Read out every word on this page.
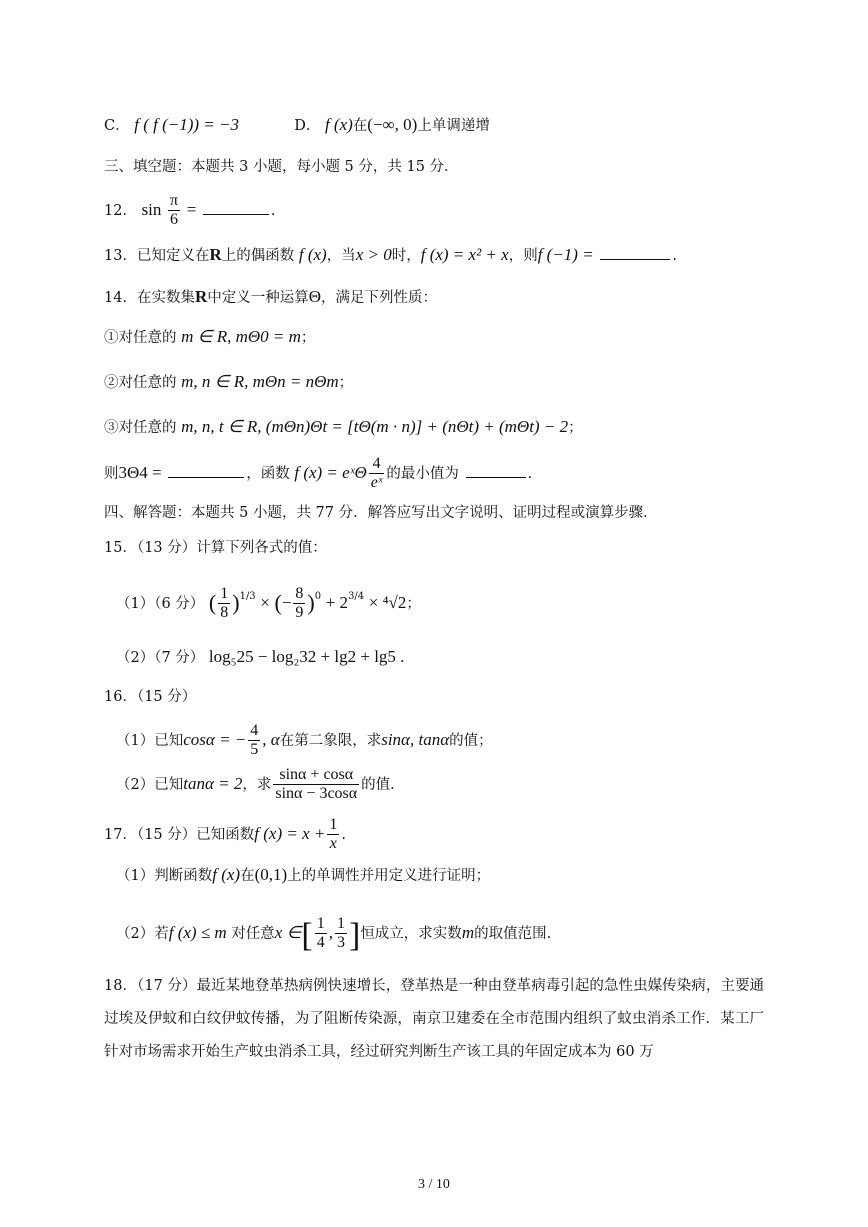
C． f ( f (−1)) = −3	D． f (x)在(−∞, 0)上单调递增
三、填空题：本题共 3 小题，每小题 5 分，共 15 分．
12． $\sin \frac{\pi}{6}$ =	.
13．已知定义在R上的偶函数 f (x)，当x > 0时，f (x) = x² + x，则f (−1) =	.
14．在实数集R中定义一种运算Θ，满足下列性质：
①对任意的 m ∈ R, mΘ0 = m；
②对任意的 m, n ∈ R, mΘn = nΘm；
③对任意的 m, n, t ∈ R, (mΘn)Θt = [tΘ(m · n)] + (nΘt) + (mΘt) − 2；
则3Θ4 =	，函数 f (x) = eˣΘ $\frac{4}{\text{eˣ}}$ 的最小值为	.
四、解答题：本题共 5 小题，共 77 分．解答应写出文字说明、证明过程或演算步骤．
15．（13 分）计算下列各式的值：
（1）（6 分） ( $\frac{1}{8} )^{1/3}$ × (− $\frac{8}{9} )^0 + 2^{3/4} \times ^4√2$；
（2）（7 分） log₅25 − log₂32 + lg2 + lg5 .
16．（15 分）
（1）已知cosα = − $\frac{4}{5}$ , α在第二象限，求sinα, tanα的值；
（2）已知tanα = 2，求 $\frac{\sin\alpha + \cos\alpha}{\sin\alpha - 3\cos\alpha}$ 的值．
17．（15 分）已知函数f $(x) = x + \frac{1}{x}$ .
（1）判断函数f (x)在(0,1)上的单调性并用定义进行证明；
（2）若f (x) ≤ m 对任意x ∈[ $\frac{1}{4}$ , $\frac{1}{3}$ ]恒成立，求实数m的取值范围.
18．（17 分）最近某地登革热病例快速增长，登革热是一种由登革病毒引起的急性虫媒传染病，主要通过埃及伊蚊和白纹伊蚊传播，为了阻断传染源，南京卫建委在全市范围内组织了蚊虫消杀工作．某工厂针对市场需求开始生产蚊虫消杀工具，经过研究判断生产该工具的年固定成本为 60 万
3 / 10
